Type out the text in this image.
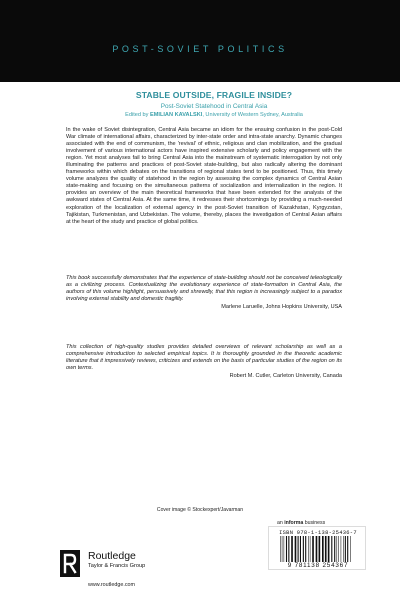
POST-SOVIET POLITICS
STABLE OUTSIDE, FRAGILE INSIDE?
Post-Soviet Statehood in Central Asia
Edited by EMILIAN KAVALSKI, University of Western Sydney, Australia
In the wake of Soviet disintegration, Central Asia became an idiom for the ensuing confusion in the post-Cold War climate of international affairs, characterized by inter-state order and intra-state anarchy. Dynamic changes associated with the end of communism, the 'revival' of ethnic, religious and clan mobilization, and the gradual involvement of various international actors have inspired extensive scholarly and policy engagement with the region. Yet most analyses fail to bring Central Asia into the mainstream of systematic interrogation by not only illuminating the patterns and practices of post-Soviet state-building, but also radically altering the dominant frameworks within which debates on the transitions of regional states tend to be positioned. Thus, this timely volume analyzes the quality of statehood in the region by assessing the complex dynamics of Central Asian state-making and focusing on the simultaneous patterns of socialization and internalization in the region. It provides an overview of the main theoretical frameworks that have been extended for the analysis of the awkward states of Central Asia. At the same time, it redresses their shortcomings by providing a much-needed exploration of the localization of external agency in the post-Soviet transition of Kazakhstan, Kyrgyzstan, Tajikistan, Turkmenistan, and Uzbekistan. The volume, thereby, places the investigation of Central Asian affairs at the heart of the study and practice of global politics.

This book successfully demonstrates that the experience of state-building should not be conceived teleologically as a civilizing process. Contextualizing the evolutionary experience of state-formation in Central Asia, the authors of this volume highlight, persuasively and shrewdly, that this region is increasingly subject to a paradox involving external stability and domestic fragility.

Marlene Laruelle, Johns Hopkins University, USA

This collection of high-quality studies provides detailed overviews of relevant scholarship as well as a comprehensive introduction to selected empirical topics. It is thoroughly grounded in the theoretic academic literature that it impressively reviews, criticizes and extends on the basis of particular studies of the region on its own terms.

Robert M. Cutler, Carleton University, Canada

Cover image © Stockexpert/Javarman
an informa business
ISBN 978-1-138-25436-7
9 781138 254367
Routledge
Taylor & Francis Group
www.routledge.com
